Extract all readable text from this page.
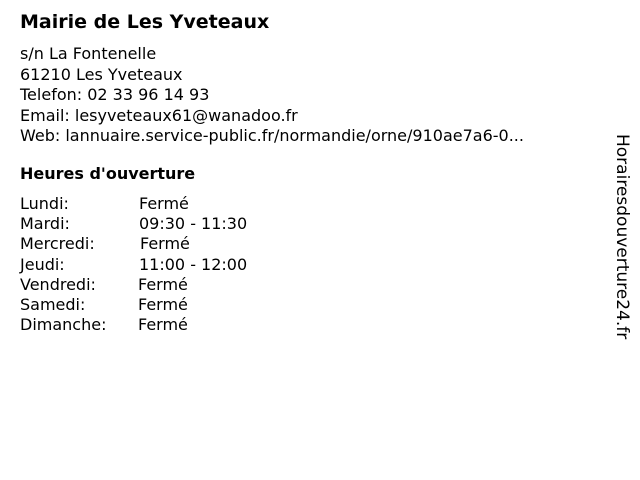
Mairie de Les Yveteaux
s/n La Fontenelle
61210 Les Yveteaux
Telefon: 02 33 96 14 93
Email: lesyveteaux61@wanadoo.fr
Web: lannuaire.service-public.fr/normandie/orne/910ae7a6-0...
Heures d'ouverture
Lundi:	Fermé
Mardi:	09:30 - 11:30
Mercredi:	Fermé
Jeudi:	11:00 - 12:00
Vendredi:	Fermé
Samedi:	Fermé
Dimanche: Fermé	Horairesdouverture24.fr
